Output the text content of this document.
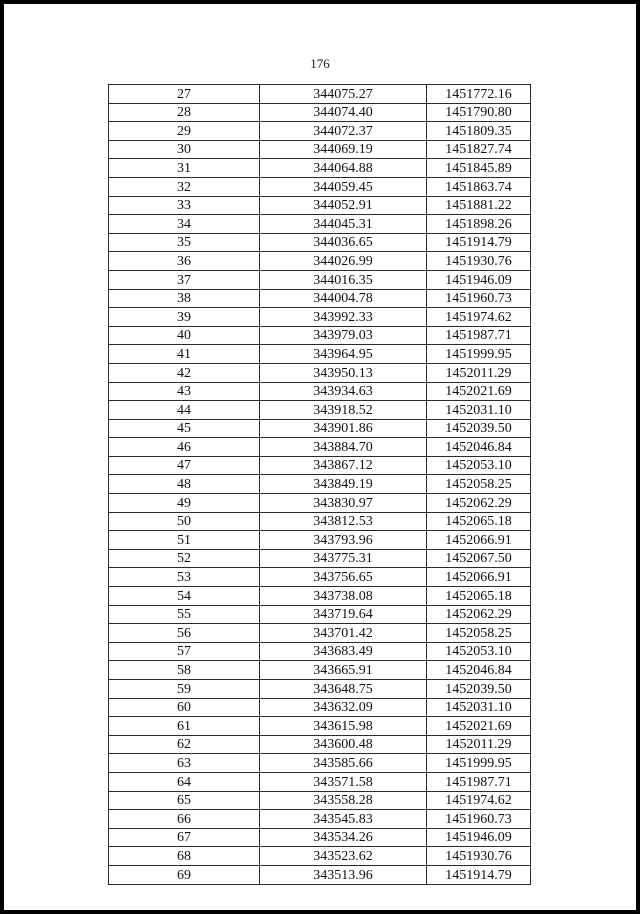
176
27	344075.27	1451772.16
28	344074.40	1451790.80
29	344072.37	1451809.35
30	344069.19	1451827.74
31	344064.88	1451845.89
32	344059.45	1451863.74
33	344052.91	1451881.22
34	344045.31	1451898.26
35	344036.65	1451914.79
36	344026.99	1451930.76
37	344016.35	1451946.09
38	344004.78	1451960.73
39	343992.33	1451974.62
40	343979.03	1451987.71
41	343964.95	1451999.95
42	343950.13	1452011.29
43	343934.63	1452021.69
44	343918.52	1452031.10
45	343901.86	1452039.50
46	343884.70	1452046.84
47	343867.12	1452053.10
48	343849.19	1452058.25
49	343830.97	1452062.29
50	343812.53	1452065.18
51	343793.96	1452066.91
52	343775.31	1452067.50
53	343756.65	1452066.91
54	343738.08	1452065.18
55	343719.64	1452062.29
56	343701.42	1452058.25
57	343683.49	1452053.10
58	343665.91	1452046.84
59	343648.75	1452039.50
60	343632.09	1452031.10
61	343615.98	1452021.69
62	343600.48	1452011.29
63	343585.66	1451999.95
64	343571.58	1451987.71
65	343558.28	1451974.62
66	343545.83	1451960.73
67	343534.26	1451946.09
68	343523.62	1451930.76
69	343513.96	1451914.79
